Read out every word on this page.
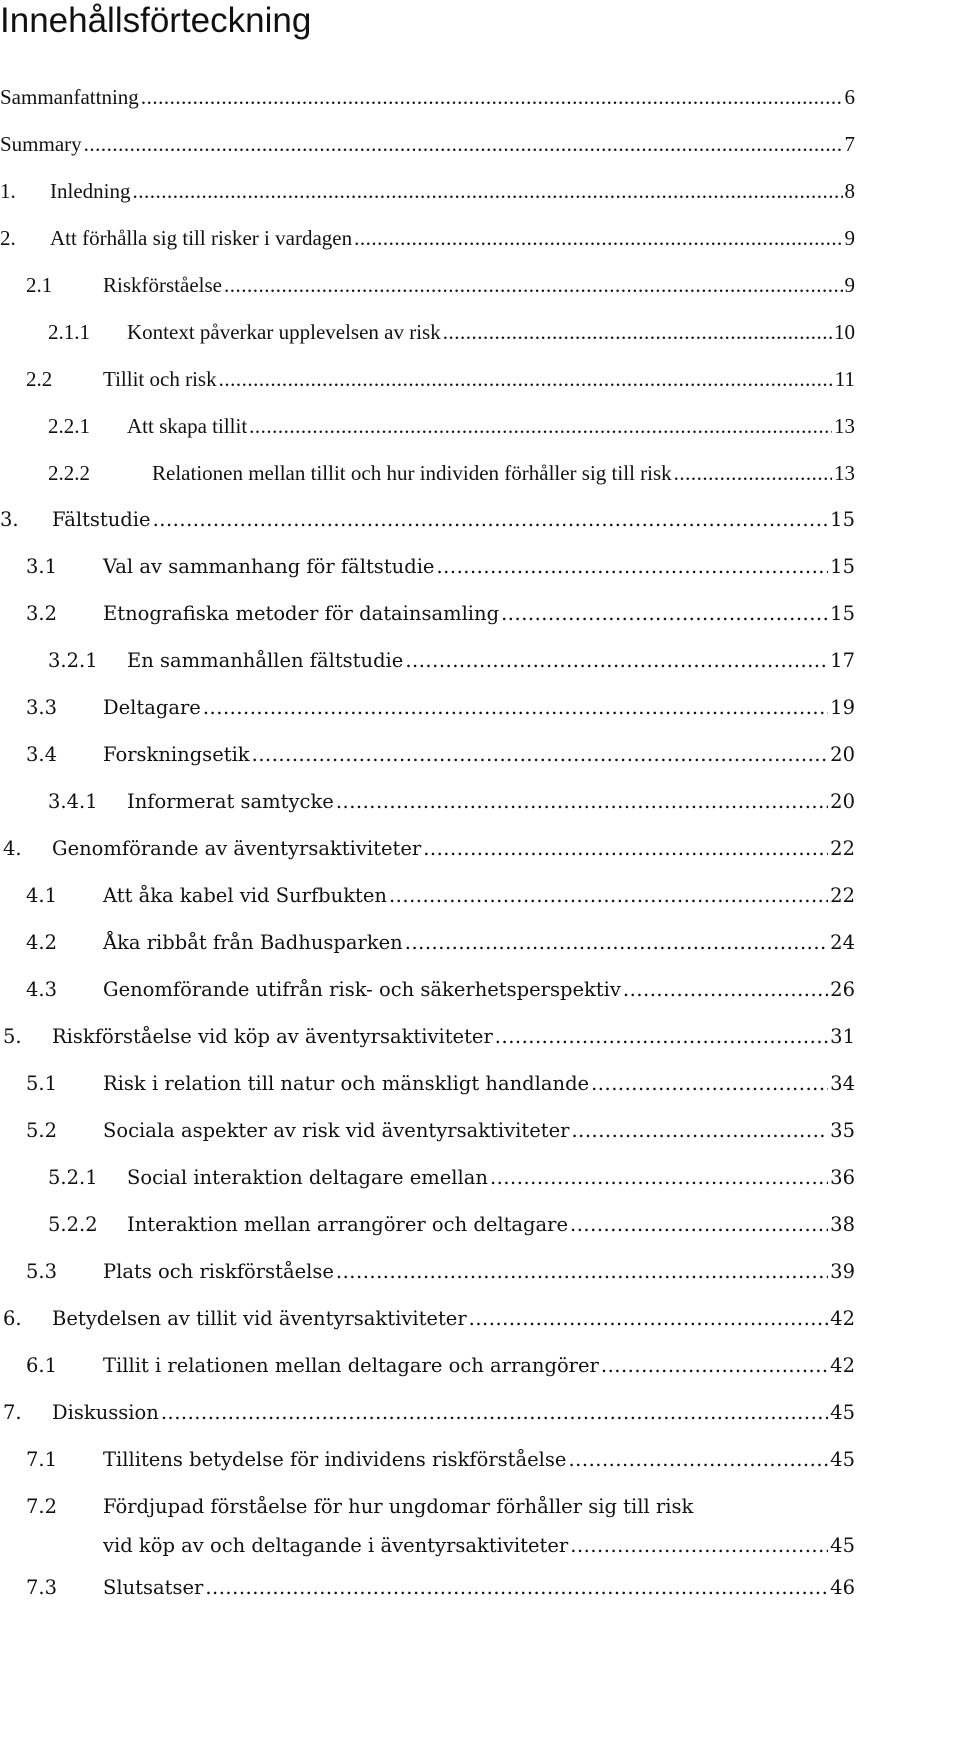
Innehållsförteckning
Sammanfattning .....	6
Summary .....	7
1.	Inledning .....	8
2.	Att förhålla sig till risker i vardagen .....	9
2.1	Riskförståelse .....	9
2.1.1	Kontext påverkar upplevelsen av risk .....	10
2.2	Tillit och risk .....	11
2.2.1	Att skapa tillit .....	13
2.2.2	Relationen mellan tillit och hur individen förhåller sig till risk .....	13
3.	Fältstudie .....	15
3.1	Val av sammanhang för fältstudie .....	15
3.2	Etnografiska metoder för datainsamling .....	15
3.2.1	En sammanhållen fältstudie .....	17
3.3	Deltagare .....	19
3.4	Forskningsetik .....	20
3.4.1	Informerat samtycke .....	20
4.	Genomförande av äventyrsaktiviteter .....	22
4.1	Att åka kabel vid Surfbukten .....	22
4.2	Åka ribbåt från Badhusparken .....	24
4.3	Genomförande utifrån risk- och säkerhetsperspektiv .....	26
5.	Riskförståelse vid köp av äventyrsaktiviteter .....	31
5.1	Risk i relation till natur och mänskligt handlande .....	34
5.2	Sociala aspekter av risk vid äventyrsaktiviteter .....	35
5.2.1	Social interaktion deltagare emellan .....	36
5.2.2	Interaktion mellan arrangörer och deltagare .....	38
5.3	Plats och riskförståelse .....	39
6.	Betydelsen av tillit vid äventyrsaktiviteter .....	42
6.1	Tillit i relationen mellan deltagare och arrangörer .....	42
7.	Diskussion .....	45
7.1	Tillitens betydelse för individens riskförståelse .....	45
7.2	Fördjupad förståelse för hur ungdomar förhåller sig till risk
vid köp av och deltagande i äventyrsaktiviteter .....	45
7.3	Slutsatser .....	46
